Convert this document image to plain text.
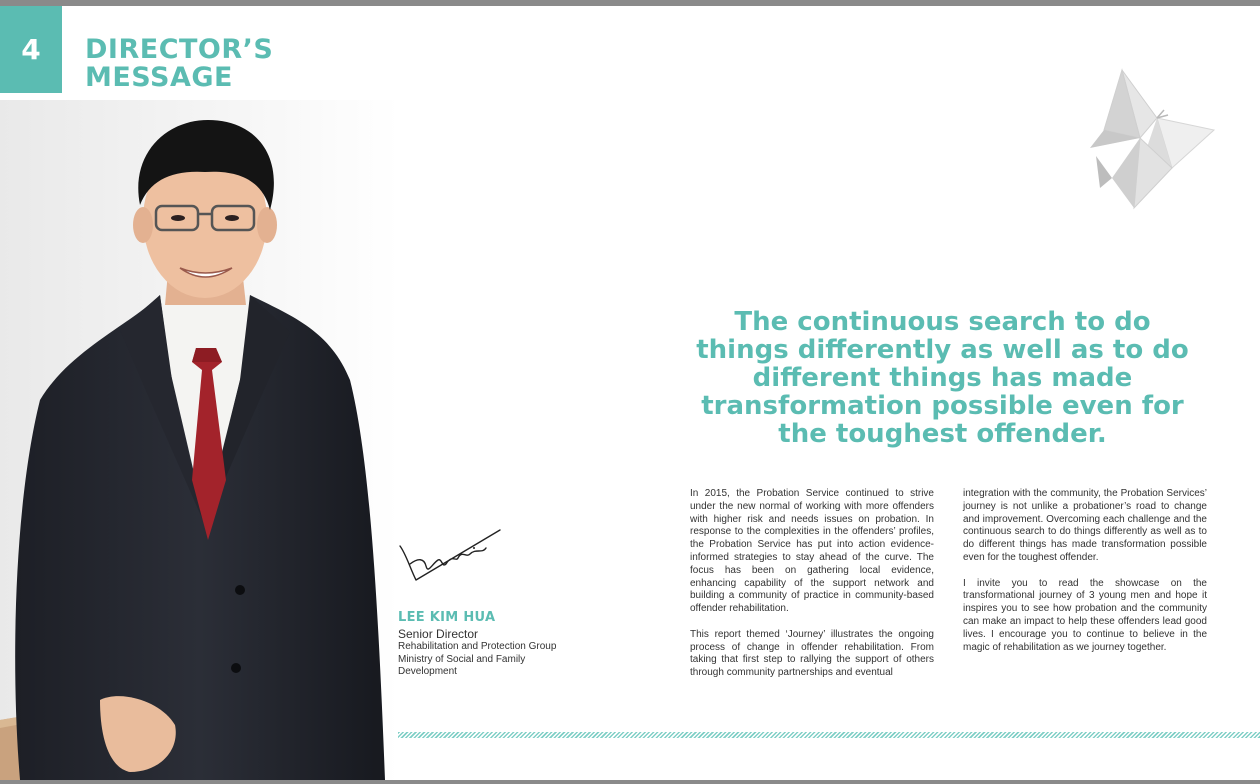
4 DIRECTOR’S
MESSAGE
LEE KIM HUA
Senior Director
Rehabilitation and Protection Group
Ministry of Social and Family
Development
The continuous search to do things differently as well as to do different things has made transformation possible even for the toughest offender.

In 2015, the Probation Service continued to strive under the new normal of working with more offenders with higher risk and needs issues on probation. In response to the complexities in the offenders’ profiles, the Probation Service has put into action evidence-informed strategies to stay ahead of the curve. The focus has been on gathering local evidence, enhancing capability of the support network and building a community of practice in community-based offender rehabilitation.

This report themed ‘Journey’ illustrates the ongoing process of change in offender rehabilitation. From taking that first step to rallying the support of others through community partnerships and eventual

integration with the community, the Probation Services’ journey is not unlike a probationer’s road to change and improvement. Overcoming each challenge and the continuous search to do things differently as well as to do different things has made transformation possible even for the toughest offender.

I invite you to read the showcase on the transformational journey of 3 young men and hope it inspires you to see how probation and the community can make an impact to help these offenders lead good lives. I encourage you to continue to believe in the magic of rehabilitation as we journey together.
